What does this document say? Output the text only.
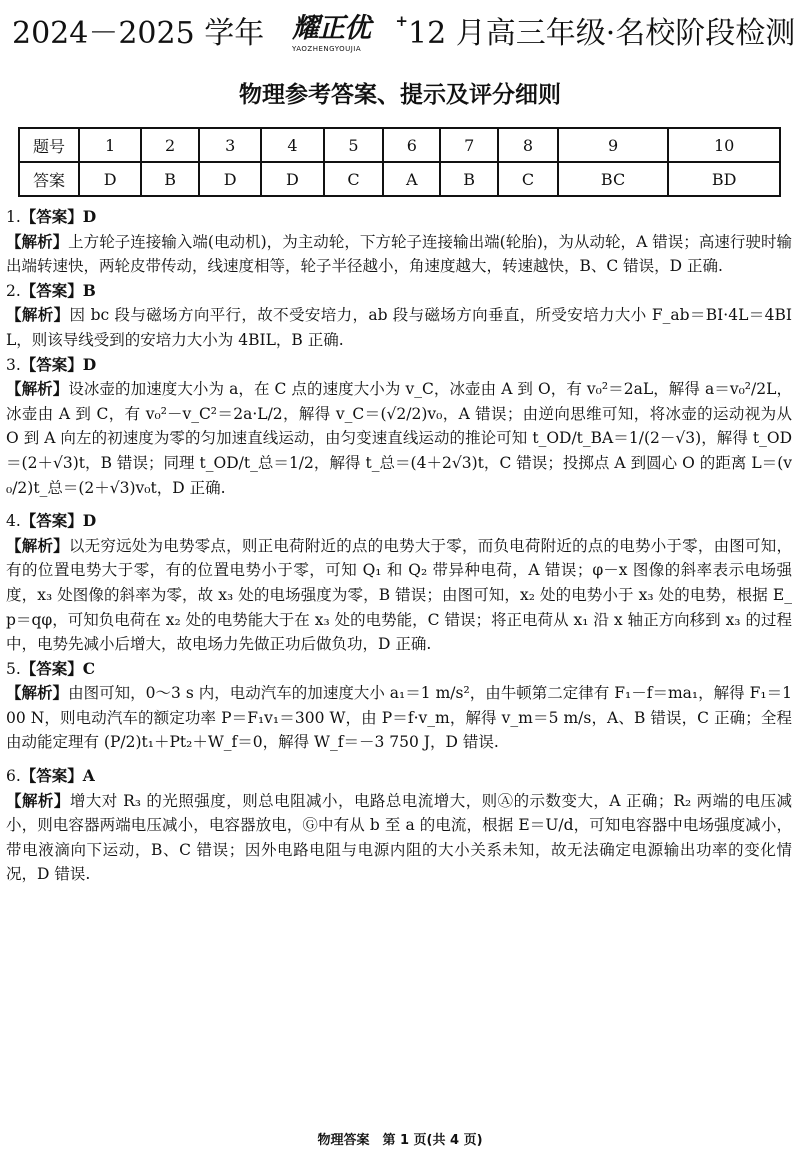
2024－2025 学年 耀正优	+
YAOZHENGYOUJIA	12 月高三年级·名校阶段检测
物理参考答案、提示及评分细则
题号	1	2	3	4	5	6	7	8	9	10
答案	D	B	D	D	C	A	B	C	BC	BD
1.【答案】D
【解析】上方轮子连接输入端(电动机)，为主动轮，下方轮子连接输出端(轮胎)，为从动轮，A 错误；高速行驶时输出端转速快，两轮皮带传动，线速度相等，轮子半径越小，角速度越大，转速越快，B、C 错误，D 正确.
2.【答案】B
【解析】因 bc 段与磁场方向平行，故不受安培力，ab 段与磁场方向垂直，所受安培力大小 F_ab＝BI·4L＝4BIL，则该导线受到的安培力大小为 4BIL，B 正确.
3.【答案】D
【解析】设冰壶的加速度大小为 a，在 C 点的速度大小为 v_C，冰壶由 A 到 O，有 v₀²＝2aL，解得 a＝v₀²/2L，冰壶由 A 到 C，有 v₀²－v_C²＝2a·L/2，解得 v_C＝(√2/2)v₀，A 错误；由逆向思维可知，将冰壶的运动视为从 O 到 A 向左的初速度为零的匀加速直线运动，由匀变速直线运动的推论可知 t_OD/t_BA＝1/(2－√3)，解得 t_OD＝(2＋√3)t，B 错误；同理 t_OD/t_总＝1/2，解得 t_总＝(4＋2√3)t，C 错误；投掷点 A 到圆心 O 的距离 L＝(v₀/2)t_总＝(2＋√3)v₀t，D 正确.
4.【答案】D
【解析】以无穷远处为电势零点，则正电荷附近的点的电势大于零，而负电荷附近的点的电势小于零，由图可知，有的位置电势大于零，有的位置电势小于零，可知 Q₁ 和 Q₂ 带异种电荷，A 错误；φ－x 图像的斜率表示电场强度，x₃ 处图像的斜率为零，故 x₃ 处的电场强度为零，B 错误；由图可知，x₂ 处的电势小于 x₃ 处的电势，根据 E_p＝qφ，可知负电荷在 x₂ 处的电势能大于在 x₃ 处的电势能，C 错误；将正电荷从 x₁ 沿 x 轴正方向移到 x₃ 的过程中，电势先减小后增大，故电场力先做正功后做负功，D 正确.
5.【答案】C
【解析】由图可知，0～3 s 内，电动汽车的加速度大小 a₁＝1 m/s²，由牛顿第二定律有 F₁－f＝ma₁，解得 F₁＝100 N，则电动汽车的额定功率 P＝F₁v₁＝300 W，由 P＝f·v_m，解得 v_m＝5 m/s，A、B 错误，C 正确；全程由动能定理有 (P/2)t₁＋Pt₂＋W_f＝0，解得 W_f＝－3 750 J，D 错误.
6.【答案】A
【解析】增大对 R₃ 的光照强度，则总电阻减小，电路总电流增大，则Ⓐ的示数变大，A 正确；R₂ 两端的电压减小，则电容器两端电压减小，电容器放电，Ⓖ中有从 b 至 a 的电流，根据 E＝U/d，可知电容器中电场强度减小，带电液滴向下运动，B、C 错误；因外电路电阻与电源内阻的大小关系未知，故无法确定电源输出功率的变化情况，D 错误.
物理答案　第 1 页(共 4 页)
